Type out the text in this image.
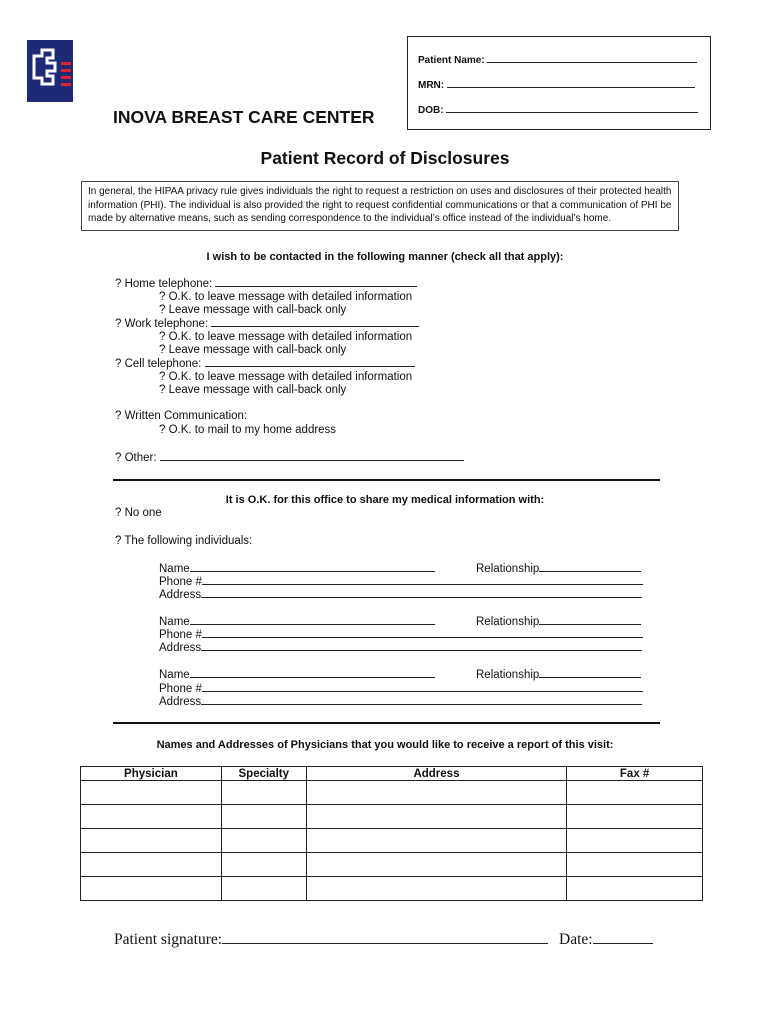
Patient Name:
MRN:
DOB:
INOVA BREAST CARE CENTER
Patient Record of Disclosures
In general, the HIPAA privacy rule gives individuals the right to request a restriction on uses and disclosures of their protected health information (PHI). The individual is also provided the right to request confidential communications or that a communication of PHI be made by alternative means, such as sending correspondence to the individual’s office instead of the individual’s home.
I wish to be contacted in the following manner (check all that apply):
? Home telephone:
? O.K. to leave message with detailed information
? Leave message with call-back only
? Work telephone:
? O.K. to leave message with detailed information
? Leave message with call-back only
? Cell telephone:
? O.K. to leave message with detailed information
? Leave message with call-back only
? Written Communication:
? O.K. to mail to my home address
? Other:
It is O.K. for this office to share my medical information with:
? No one
? The following individuals:
Name	Relationship
Phone #
Address
Name	Relationship
Phone #
Address
Name	Relationship
Phone #
Address
Names and Addresses of Physicians that you would like to receive a report of this visit:
Physician	Specialty	Address	Fax #

Patient signature:	Date:
